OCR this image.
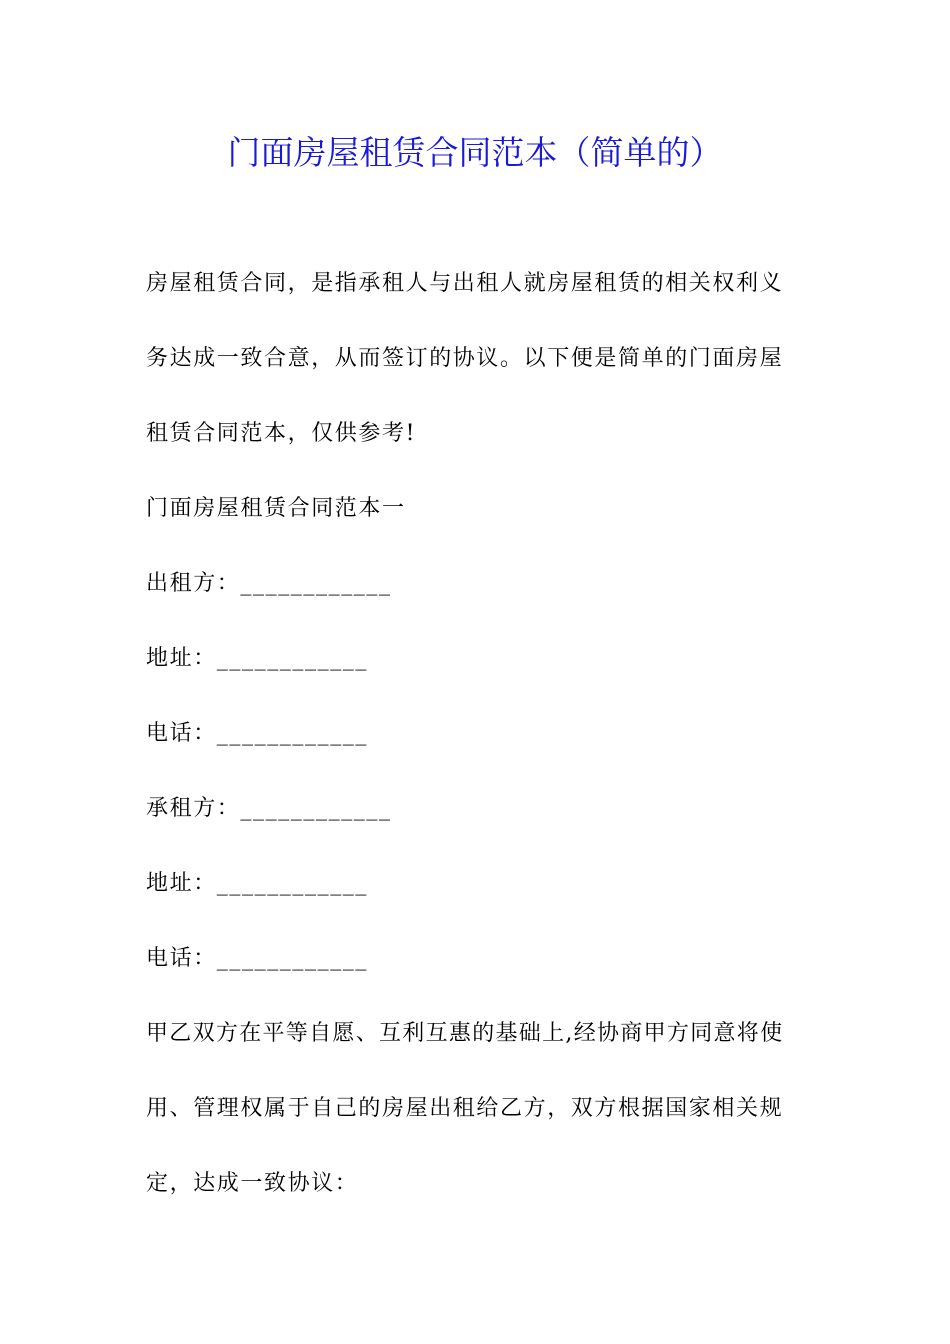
门面房屋租赁合同范本（简单的）
房屋租赁合同，是指承租人与出租人就房屋租赁的相关权利义
务达成一致合意，从而签订的协议。以下便是简单的门面房屋
租赁合同范本，仅供参考!
门面房屋租赁合同范本一
出租方：____________
地址：____________
电话：____________
承租方：____________
地址：____________
电话：____________
甲乙双方在平等自愿、互利互惠的基础上,经协商甲方同意将使
用、管理权属于自己的房屋出租给乙方，双方根据国家相关规
定，达成一致协议：
